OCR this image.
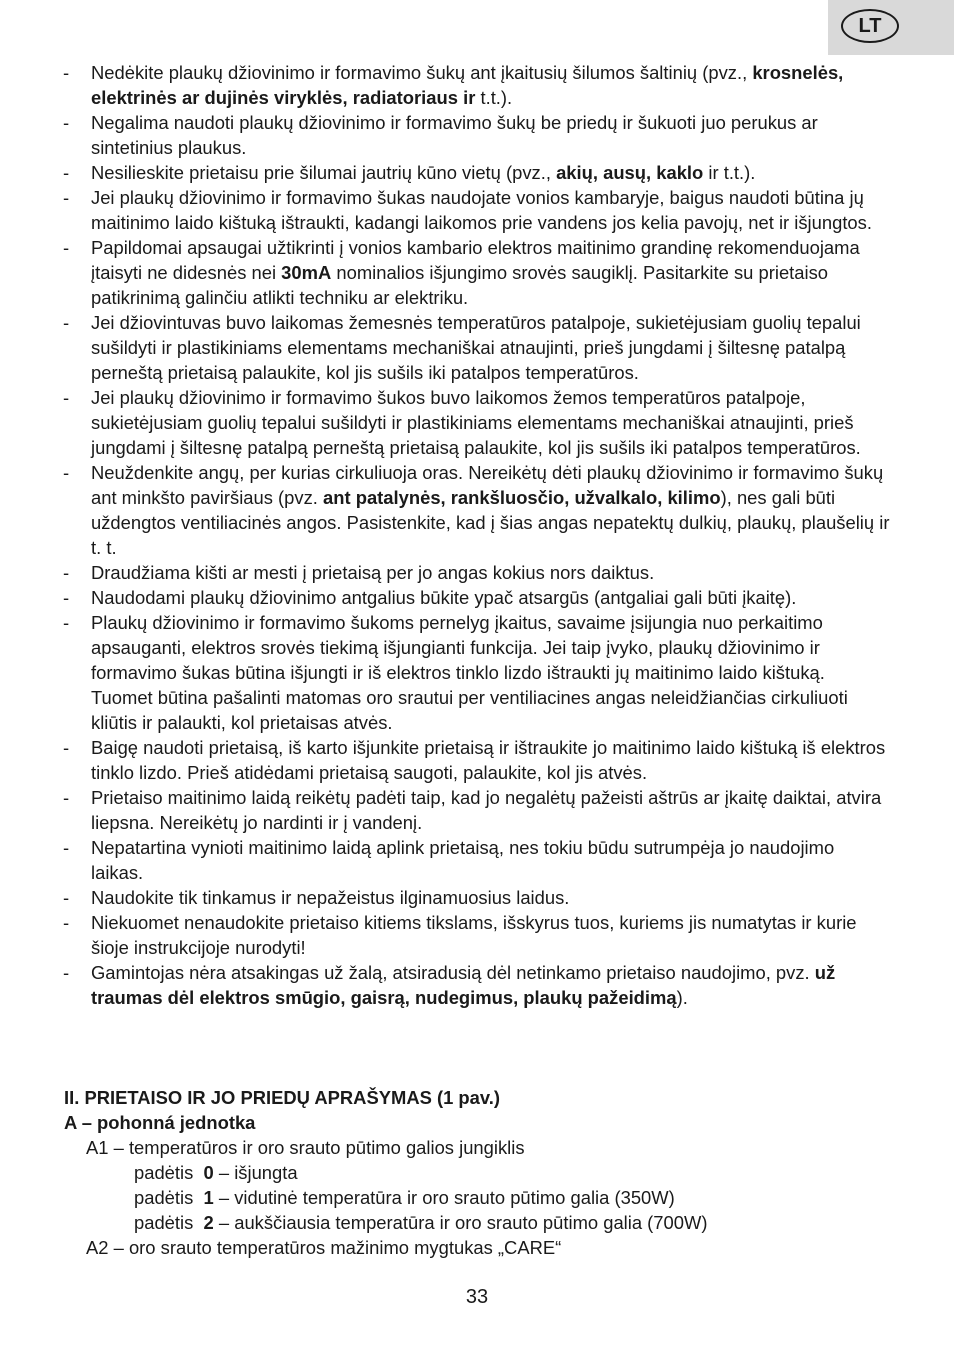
LT
- Nedėkite plaukų džiovinimo ir formavimo šukų ant įkaitusių šilumos šaltinių (pvz., krosnelės, elektrinės ar dujinės viryklės, radiatoriaus ir t.t.).
- Negalima naudoti plaukų džiovinimo ir formavimo šukų be priedų ir šukuoti juo perukus ar sintetinius plaukus.
- Nesilieskite prietaisu prie šilumai jautrių kūno vietų (pvz., akių, ausų, kaklo ir t.t.).
- Jei plaukų džiovinimo ir formavimo šukas naudojate vonios kambaryje, baigus naudoti būtina jų maitinimo laido kištuką ištraukti, kadangi laikomos prie vandens jos kelia pavojų, net ir išjungtos.
- Papildomai apsaugai užtikrinti į vonios kambario elektros maitinimo grandinę rekomenduojama įtaisyti ne didesnės nei 30mA nominalios išjungimo srovės saugiklį. Pasitarkite su prietaiso patikrinimą galinčiu atlikti techniku ar elektriku.
- Jei džiovintuvas buvo laikomas žemesnės temperatūros patalpoje, sukietėjusiam guolių tepalui sušildyti ir plastikiniams elementams mechaniškai atnaujinti, prieš jungdami į šiltesnę patalpą perneštą prietaisą palaukite, kol jis sušils iki patalpos temperatūros.
- Jei plaukų džiovinimo ir formavimo šukos buvo laikomos žemos temperatūros patalpoje, sukietėjusiam guolių tepalui sušildyti ir plastikiniams elementams mechaniškai atnaujinti, prieš jungdami į šiltesnę patalpą perneštą prietaisą palaukite, kol jis sušils iki patalpos temperatūros.
- Neuždenkite angų, per kurias cirkuliuoja oras. Nereikėtų dėti plaukų džiovinimo ir formavimo šukų ant minkšto paviršiaus (pvz. ant patalynės, rankšluosčio, užvalkalo, kilimo), nes gali būti uždengtos ventiliacinės angos. Pasistenkite, kad į šias angas nepatektų dulkių, plaukų, plaušelių ir t. t.
- Draudžiama kišti ar mesti į prietaisą per jo angas kokius nors daiktus.
- Naudodami plaukų džiovinimo antgalius būkite ypač atsargūs (antgaliai gali būti įkaitę).
- Plaukų džiovinimo ir formavimo šukoms pernelyg įkaitus, savaime įsijungia nuo perkaitimo apsauganti, elektros srovės tiekimą išjungianti funkcija. Jei taip įvyko, plaukų džiovinimo ir formavimo šukas būtina išjungti ir iš elektros tinklo lizdo ištraukti jų maitinimo laido kištuką. Tuomet būtina pašalinti matomas oro srautui per ventiliacines angas neleidžiančias cirkuliuoti kliūtis ir palaukti, kol prietaisas atvės.
- Baigę naudoti prietaisą, iš karto išjunkite prietaisą ir ištraukite jo maitinimo laido kištuką iš elektros tinklo lizdo. Prieš atidėdami prietaisą saugoti, palaukite, kol jis atvės.
- Prietaiso maitinimo laidą reikėtų padėti taip, kad jo negalėtų pažeisti aštrūs ar įkaitę daiktai, atvira liepsna. Nereikėtų jo nardinti ir į vandenį.
- Nepatartina vynioti maitinimo laidą aplink prietaisą, nes tokiu būdu sutrumpėja jo naudojimo laikas.
- Naudokite tik tinkamus ir nepažeistus ilginamuosius laidus.
- Niekuomet nenaudokite prietaiso kitiems tikslams, išskyrus tuos, kuriems jis numatytas ir kurie šioje instrukcijoje nurodyti!
- Gamintojas nėra atsakingas už žalą, atsiradusią dėl netinkamo prietaiso naudojimo, pvz. už traumas dėl elektros smūgio, gaisrą, nudegimus, plaukų pažeidimą).

II. PRIETAISO IR JO PRIEDŲ APRAŠYMAS (1 pav.)

A – pohonná jednotka

A1 – temperatūros ir oro srauto pūtimo galios jungiklis

padėtis  0 – išjungta

padėtis  1 – vidutinė temperatūra ir oro srauto pūtimo galia (350W)

padėtis  2 – aukščiausia temperatūra ir oro srauto pūtimo galia (700W)

A2 – oro srauto temperatūros mažinimo mygtukas „CARE“

33
